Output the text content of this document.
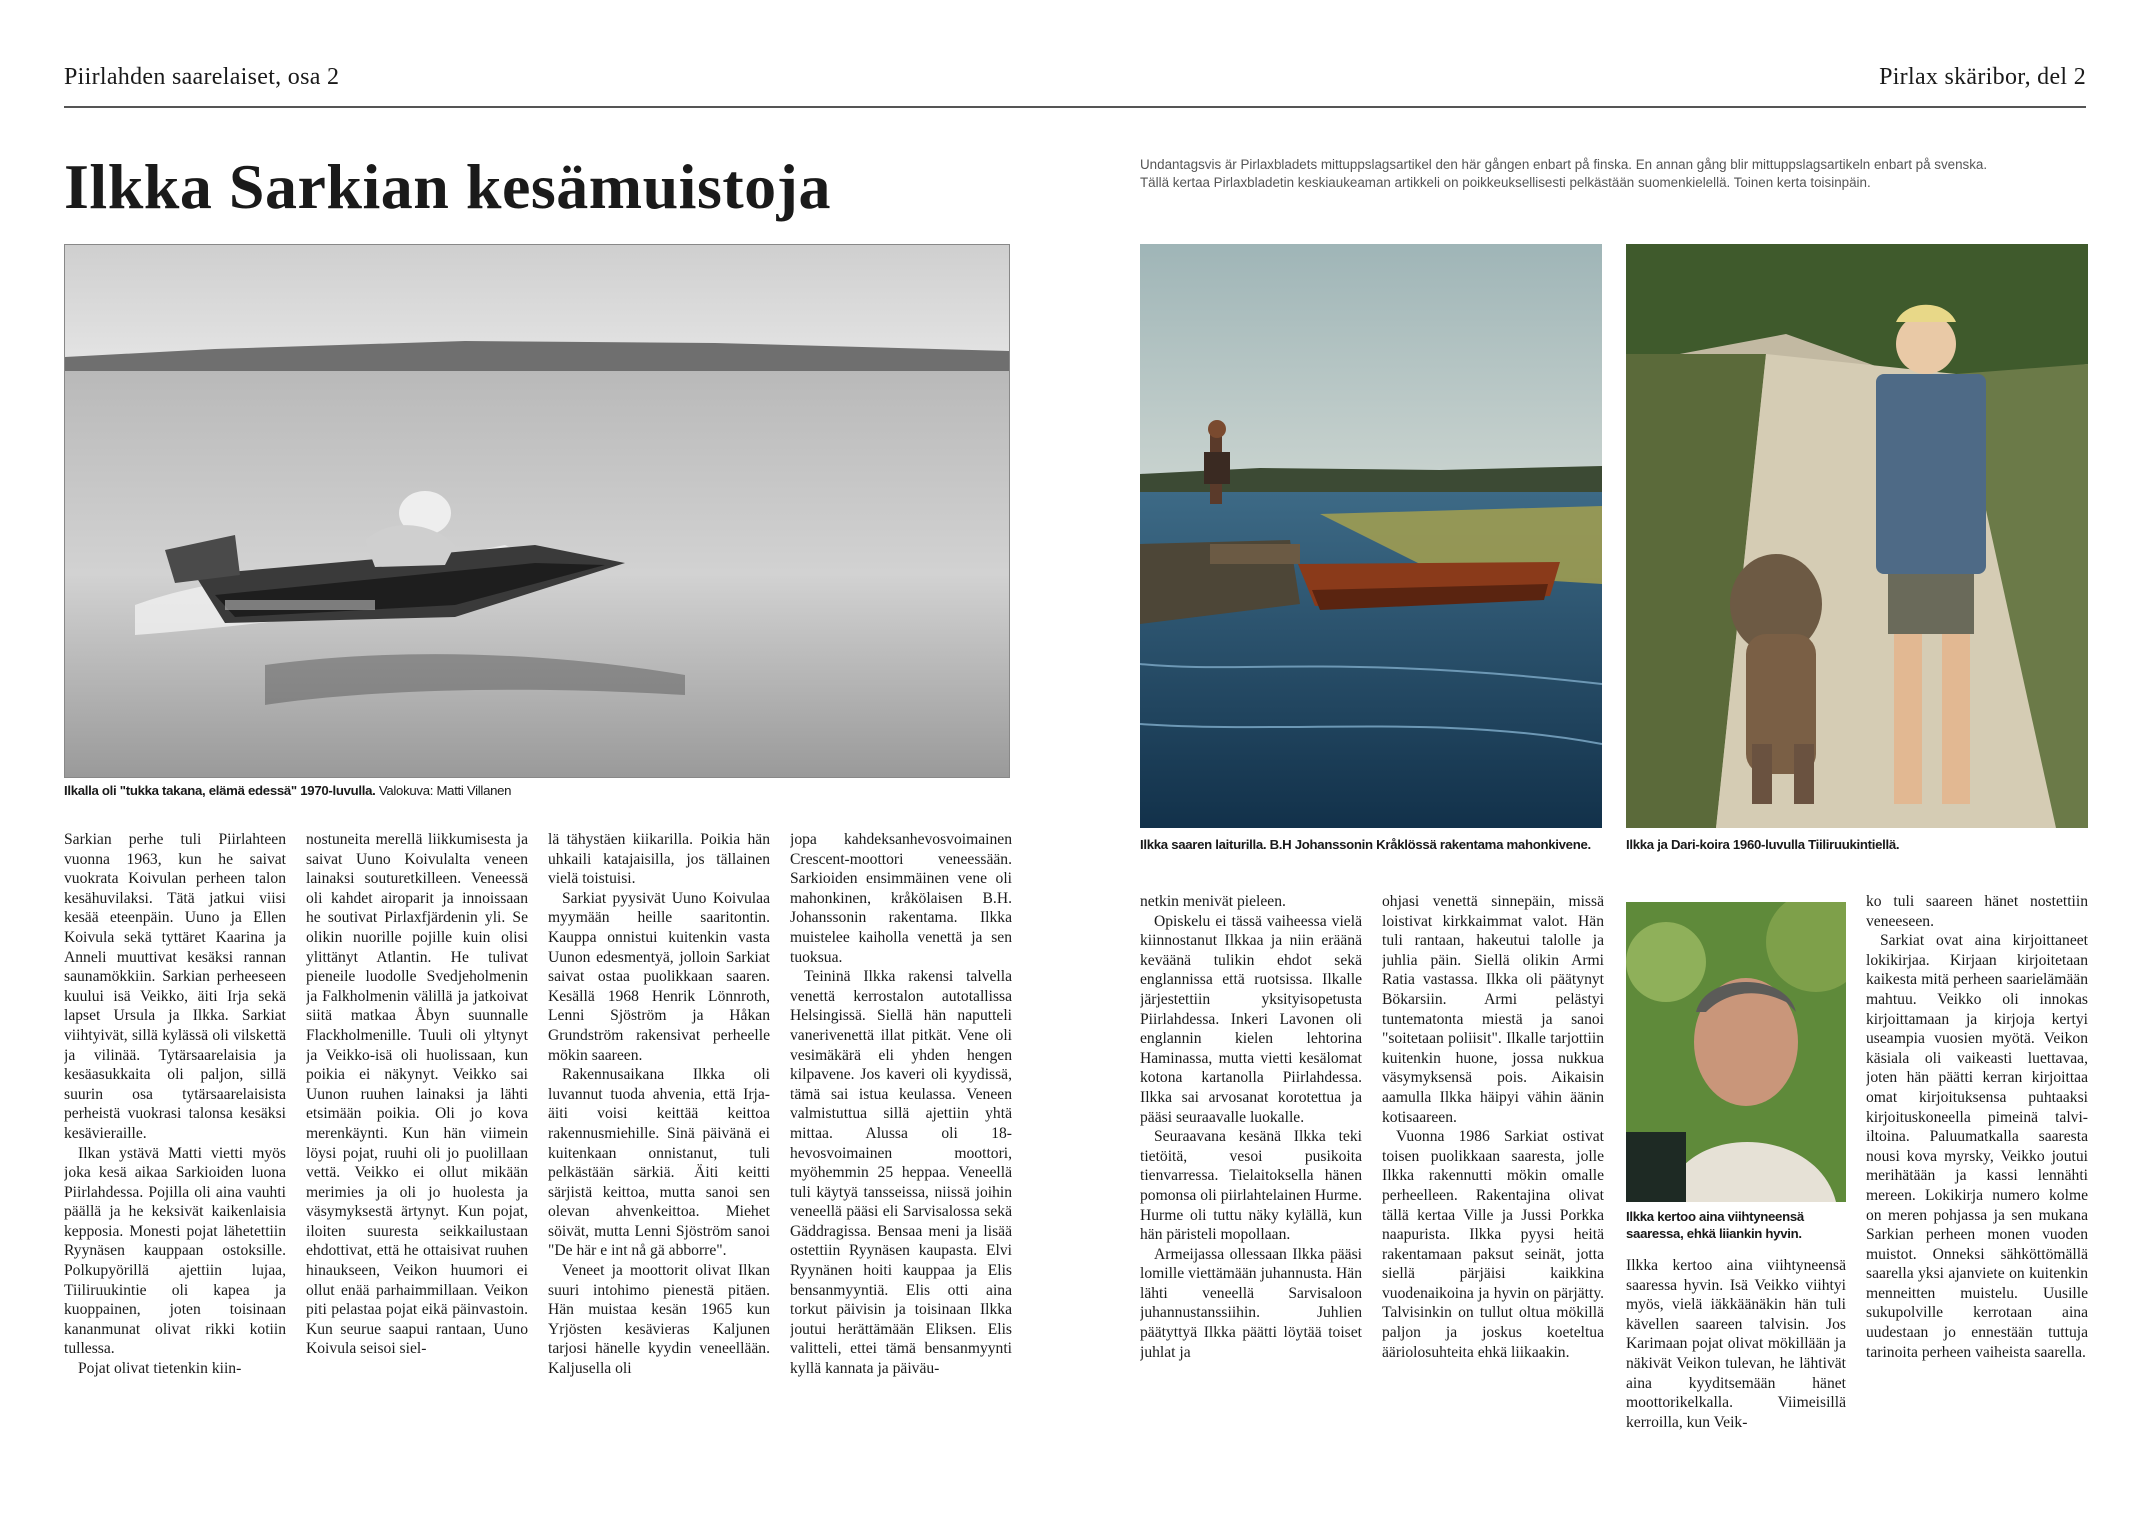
Piirlahden saarelaiset, osa 2	Pirlax skäribor, del 2
Ilkka Sarkian kesämuistoja	Undantagsvis är Pirlaxbladets mittuppslagsartikel den här gången enbart på finska. En annan gång blir mittuppslagsartikeln enbart på svenska.
Tällä kertaa Pirlaxbladetin keskiaukeaman artikkeli on poikkeuksellisesti pelkästään suomenkielellä. Toinen kerta toisinpäin.
Ilkalla oli "tukka takana, elämä edessä" 1970-luvulla. Valokuva: Matti Villanen
Ilkka saaren laiturilla. B.H Johanssonin Kråklössä rakentama mahonkivene.	Ilkka ja Dari-koira 1960-luvulla Tiiliruukintiellä.
Ilkka kertoo aina viihtyneensä saaressa, ehkä liiankin hyvin.

Sarkian perhe tuli Piirlahteen vuonna 1963, kun he saivat vuokrata Koivulan perheen talon kesähuvilaksi. Tätä jatkui viisi kesää eteenpäin. Uuno ja Ellen Koivula sekä tyttäret Kaarina ja Anneli muuttivat kesäksi rannan saunamökkiin. Sarkian perheeseen kuului isä Veikko, äiti Irja sekä lapset Ursula ja Ilkka. Sarkiat viihtyivät, sillä kylässä oli vilskettä ja vilinää. Tytärsaarelaisia ja kesäasukkaita oli paljon, sillä suurin osa tytärsaarelaisista perheistä vuokrasi talonsa kesäksi kesävieraille.

Ilkan ystävä Matti vietti myös joka kesä aikaa Sarkioiden luona Piirlahdessa. Pojilla oli aina vauhti päällä ja he keksivät kaikenlaisia kepposia. Monesti pojat lähetettiin Ryynäsen kauppaan ostoksille. Polkupyörillä ajettiin lujaa, Tiiliruukintie oli kapea ja kuoppainen, joten toisinaan kananmunat olivat rikki kotiin tullessa.

Pojat olivat tietenkin kiin-

nostuneita merellä liikkumisesta ja saivat Uuno Koivulalta veneen lainaksi souturetkilleen. Veneessä oli kahdet airoparit ja innoissaan he soutivat Pirlaxfjärdenin yli. Se olikin nuorille pojille kuin olisi ylittänyt Atlantin. He tulivat pieneile luodolle Svedjeholmenin ja Falkholmenin välillä ja jatkoivat siitä matkaa Åbyn suunnalle Flackholmenille. Tuuli oli yltynyt ja Veikko-isä oli huolissaan, kun poikia ei näkynyt. Veikko sai Uunon ruuhen lainaksi ja lähti etsimään poikia. Oli jo kova merenkäynti. Kun hän viimein löysi pojat, ruuhi oli jo puolillaan vettä. Veikko ei ollut mikään merimies ja oli jo huolesta ja väsymyksestä ärtynyt. Kun pojat, iloiten suuresta seikkailustaan ehdottivat, että he ottaisivat ruuhen hinaukseen, Veikon huumori ei ollut enää parhaimmillaan. Veikon piti pelastaa pojat eikä päinvastoin. Kun seurue saapui rantaan, Uuno Koivula seisoi siel-

lä tähystäen kiikarilla. Poikia hän uhkaili katajaisilla, jos tällainen vielä toistuisi.

Sarkiat pyysivät Uuno Koivulaa myymään heille saaritontin. Kauppa onnistui kuitenkin vasta Uunon edesmentyä, jolloin Sarkiat saivat ostaa puolikkaan saaren. Kesällä 1968 Henrik Lönnroth, Lenni Sjöström ja Håkan Grundström rakensivat perheelle mökin saareen.

Rakennusaikana Ilkka oli luvannut tuoda ahvenia, että Irja-äiti voisi keittää keittoa rakennusmiehille. Sinä päivänä ei kuitenkaan onnistanut, tuli pelkästään särkiä. Äiti keitti särjistä keittoa, mutta sanoi sen olevan ahvenkeittoa. Miehet söivät, mutta Lenni Sjöström sanoi "De här e int nå gä abborre".

Veneet ja moottorit olivat Ilkan suuri intohimo pienestä pitäen. Hän muistaa kesän 1965 kun Yrjösten kesävieras Kaljunen tarjosi hänelle kyydin veneellään. Kaljusella oli

jopa kahdeksanhevosvoimainen Crescent-moottori veneessään. Sarkioiden ensimmäinen vene oli mahonkinen, kråkölaisen B.H. Johanssonin rakentama. Ilkka muistelee kaiholla venettä ja sen tuoksua.

Teininä Ilkka rakensi talvella venettä kerrostalon autotallissa Helsingissä. Siellä hän naputteli vanerivenettä illat pitkät. Vene oli vesimäkärä eli yhden hengen kilpavene. Jos kaveri oli kyydissä, tämä sai istua keulassa. Veneen valmistuttua sillä ajettiin yhtä mittaa. Alussa oli 18-hevosvoimainen moottori, myöhemmin 25 heppaa. Veneellä tuli käytyä tansseissa, niissä joihin veneellä pääsi eli Sarvisalossa sekä Gäddragissa. Bensaa meni ja lisää ostettiin Ryynäsen kaupasta. Elvi Ryynänen hoiti kauppaa ja Elis bensanmyyntiä. Elis otti aina torkut päivisin ja toisinaan Ilkka joutui herättämään Eliksen. Elis valitteli, ettei tämä bensanmyynti kyllä kannata ja päiväu-

netkin menivät pieleen.

Opiskelu ei tässä vaiheessa vielä kiinnostanut Ilkkaa ja niin eräänä keväänä tulikin ehdot sekä englannissa että ruotsissa. Ilkalle järjestettiin yksityisopetusta Piirlahdessa. Inkeri Lavonen oli englannin kielen lehtorina Haminassa, mutta vietti kesälomat kotona kartanolla Piirlahdessa. Ilkka sai arvosanat korotettua ja pääsi seuraavalle luokalle.

Seuraavana kesänä Ilkka teki tietöitä, vesoi pusikoita tienvarressa. Tielaitoksella hänen pomonsa oli piirlahtelainen Hurme. Hurme oli tuttu näky kylällä, kun hän päristeli mopollaan.

Armeijassa ollessaan Ilkka pääsi lomille viettämään juhannusta. Hän lähti veneellä Sarvisaloon juhannustanssiihin. Juhlien päätyttyä Ilkka päätti löytää toiset juhlat ja

ohjasi venettä sinnepäin, missä loistivat kirkkaimmat valot. Hän tuli rantaan, hakeutui talolle ja juhlia päin. Siellä olikin Armi Ratia vastassa. Ilkka oli päätynyt Bökarsiin. Armi pelästyi tuntematonta miestä ja sanoi "soitetaan poliisit". Ilkalle tarjottiin kuitenkin huone, jossa nukkua väsymyksensä pois. Aikaisin aamulla Ilkka häipyi vähin äänin kotisaareen.

Vuonna 1986 Sarkiat ostivat toisen puolikkaan saaresta, jolle Ilkka rakennutti mökin omalle perheelleen. Rakentajina olivat tällä kertaa Ville ja Jussi Porkka naapurista. Ilkka pyysi heitä rakentamaan paksut seinät, jotta siellä pärjäisi kaikkina vuodenaikoina ja hyvin on pärjätty. Talvisinkin on tullut oltua mökillä paljon ja joskus koeteltua ääriolosuhteita ehkä liikaakin.

Ilkka kertoo aina viihtyneensä saaressa hyvin. Isä Veikko viihtyi myös, vielä iäkkäänäkin hän tuli kävellen saareen talvisin. Jos Karimaan pojat olivat mökillään ja näkivät Veikon tulevan, he lähtivät aina kyyditsemään hänet moottorikelkalla. Viimeisillä kerroilla, kun Veik-

ko tuli saareen hänet nostettiin veneeseen.

Sarkiat ovat aina kirjoittaneet lokikirjaa. Kirjaan kirjoitetaan kaikesta mitä perheen saarielämään mahtuu. Veikko oli innokas kirjoittamaan ja kirjoja kertyi useampia vuosien myötä. Veikon käsiala oli vaikeasti luettavaa, joten hän päätti kerran kirjoittaa omat kirjoituksensa puhtaaksi kirjoituskoneella pimeinä talvi-iltoina. Paluumatkalla saaresta nousi kova myrsky, Veikko joutui merihätään ja kassi lennähti mereen. Lokikirja numero kolme on meren pohjassa ja sen mukana Sarkian perheen monen vuoden muistot. Onneksi sähköttömällä saarella yksi ajanviete on kuitenkin menneitten muistelu. Uusille sukupolville kerrotaan aina uudestaan jo ennestään tuttuja tarinoita perheen vaiheista saarella.
